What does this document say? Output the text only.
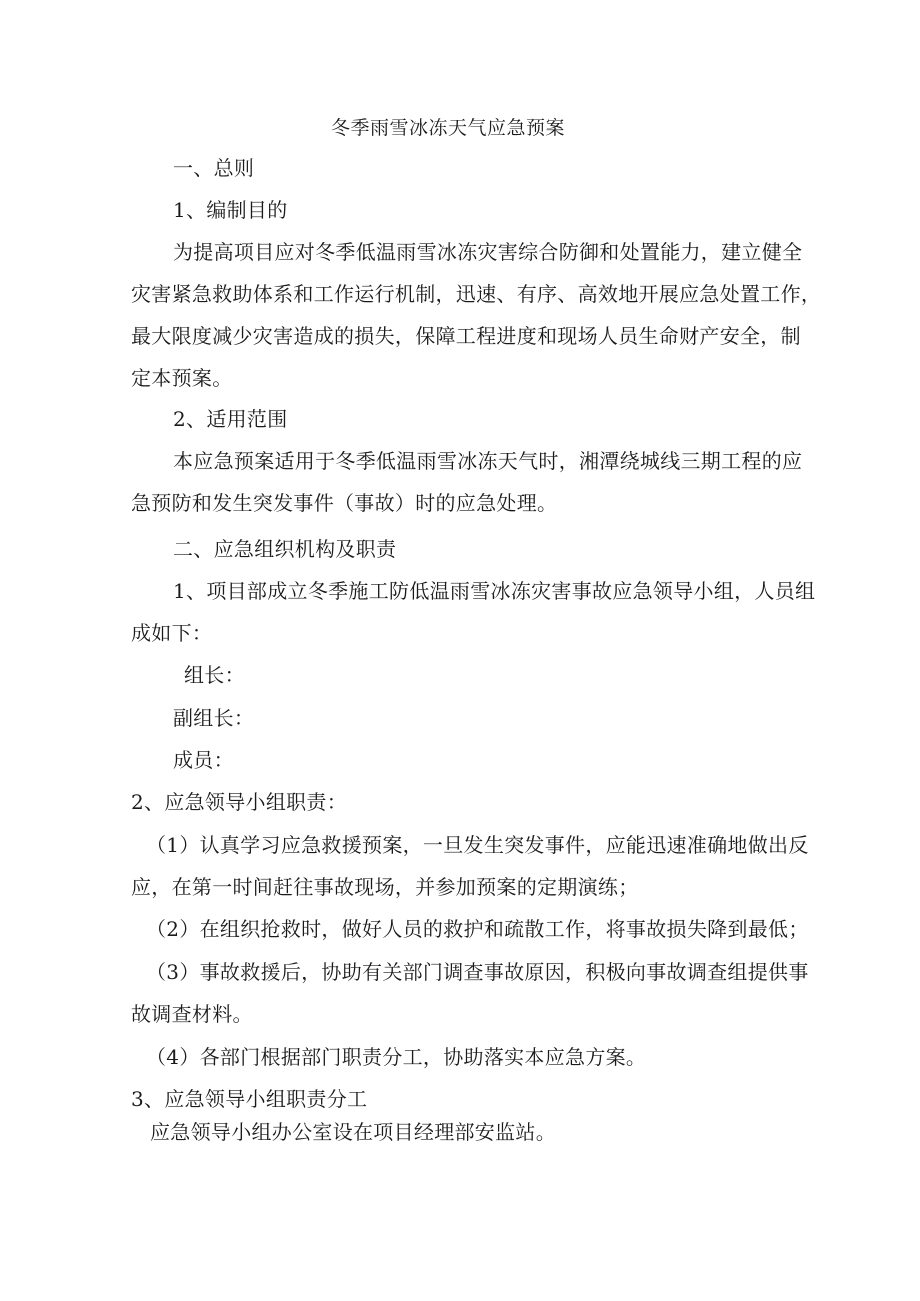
冬季雨雪冰冻天气应急预案
一、总则
1、编制目的
为提高项目应对冬季低温雨雪冰冻灾害综合防御和处置能力，建立健全
灾害紧急救助体系和工作运行机制，迅速、有序、高效地开展应急处置工作，
最大限度减少灾害造成的损失，保障工程进度和现场人员生命财产安全，制
定本预案。
2、适用范围
本应急预案适用于冬季低温雨雪冰冻天气时，湘潭绕城线三期工程的应
急预防和发生突发事件（事故）时的应急处理。
二、应急组织机构及职责
1、项目部成立冬季施工防低温雨雪冰冻灾害事故应急领导小组，人员组
成如下：
组长：
副组长：
成员：
2、应急领导小组职责：
（1）认真学习应急救援预案，一旦发生突发事件，应能迅速准确地做出反
应，在第一时间赶往事故现场，并参加预案的定期演练；
（2）在组织抢救时，做好人员的救护和疏散工作，将事故损失降到最低；
（3）事故救援后，协助有关部门调查事故原因，积极向事故调查组提供事
故调查材料。
（4）各部门根据部门职责分工，协助落实本应急方案。
3、应急领导小组职责分工
应急领导小组办公室设在项目经理部安监站。
